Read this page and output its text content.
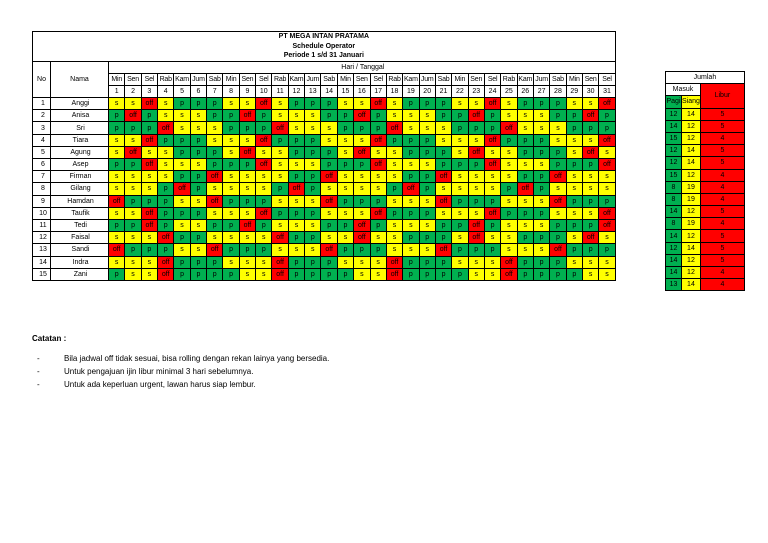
PT MEGA INTAN PRATAMA																																
Schedule Operator																																
Periode 1 s/d 31 Januari																																
No	Nama	Hari / Tanggal																														
		Min	Sen	Sel	Rab	Kam	Jum	Sab	Min	Sen	Sel	Rab	Kam	Jum	Sab	Min	Sen	Sel	Rab	Kam	Jum	Sab	Min	Sen	Sel	Rab	Kam	Jum	Sab	Min	Sen	Sel
		1	2	3	4	5	6	7	8	9	10	11	12	13	14	15	16	17	18	19	20	21	22	23	24	25	26	27	28	29	30	31
1	Anggi	s	s	off	s	p	p	p	s	s	off	s	p	p	p	s	s	off	s	p	p	p	s	s	off	s	p	p	p	s	s	off
2	Anisa	p	off	p	s	s	s	p	p	off	p	s	s	s	p	p	off	p	s	s	s	p	p	off	p	s	s	s	p	p	off	p
3	Sri	p	p	p	off	s	s	s	p	p	p	off	s	s	s	p	p	p	off	s	s	s	p	p	p	off	s	s	s	p	p	p
4	Tiara	s	s	off	p	p	p	s	s	s	off	p	p	p	s	s	s	off	p	p	p	s	s	s	off	p	p	p	s	s	s	off
5	Agung	s	off	s	s	p	p	p	s	off	s	s	p	p	p	s	off	s	s	p	p	p	s	off	s	s	p	p	p	s	off	s
6	Asep	p	p	off	s	s	s	p	p	p	off	s	s	s	p	p	p	off	s	s	s	p	p	p	off	s	s	s	p	p	p	off
7	Firman	s	s	s	s	p	p	off	s	s	s	s	p	p	off	s	s	s	s	p	p	off	s	s	s	s	p	p	off	s	s	s
8	Gilang	s	s	s	p	off	p	s	s	s	s	p	off	p	s	s	s	s	p	off	p	s	s	s	s	p	off	p	s	s	s	s
9	Hamdan	off	p	p	p	s	s	off	p	p	p	s	s	s	off	p	p	p	s	s	s	off	p	p	p	s	s	s	off	p	p	p
10	Taufik	s	s	off	p	p	p	s	s	s	off	p	p	p	s	s	s	off	p	p	p	s	s	s	off	p	p	p	s	s	s	off
11	Tedi	p	p	off	p	s	s	p	p	off	p	s	s	s	p	p	off	p	s	s	s	p	p	off	p	s	s	s	p	p	p	off
12	Faisal	s	s	s	off	p	p	s	s	s	s	off	p	p	s	s	off	s	s	p	p	p	s	off	s	s	p	p	p	s	off	s
13	Sandi	off	p	p	p	s	s	off	p	p	p	s	s	s	off	p	p	p	s	s	s	off	p	p	p	s	s	s	off	p	p	p
14	Indra	s	s	s	off	p	p	p	s	s	s	off	p	p	p	s	s	s	off	p	p	p	s	s	s	off	p	p	p	s	s	s
15	Zani	p	s	s	off	p	p	p	p	s	s	off	p	p	p	p	s	s	off	p	p	p	p	s	s	off	p	p	p	p	s	s
Jumlah		
Masuk		Libur
Pagi	Siang	
12	14	5
14	12	5
15	12	4
12	14	5
12	14	5
15	12	4
8	19	4
8	19	4
14	12	5
8	19	4
14	12	5
12	14	5
14	12	5
14	12	4
13	14	4
Catatan :
-	Bila jadwal off tidak sesuai, bisa rolling dengan rekan lainya yang bersedia.
-	Untuk pengajuan ijin libur minimal 3 hari sebelumnya.
-	Untuk ada keperluan urgent, lawan harus siap lembur.
